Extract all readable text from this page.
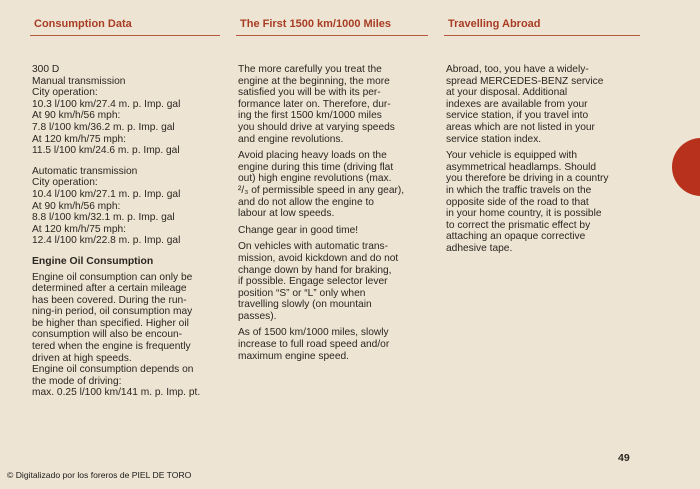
Consumption Data
300 D
Manual transmission
City operation:
10.3 l/100 km/27.4 m. p. Imp. gal
At 90 km/h/56 mph:
7.8 l/100 km/36.2 m. p. Imp. gal
At 120 km/h/75 mph:
11.5 l/100 km/24.6 m. p. Imp. gal
Automatic transmission
City operation:
10.4 l/100 km/27.1 m. p. Imp. gal
At 90 km/h/56 mph:
8.8 l/100 km/32.1 m. p. Imp. gal
At 120 km/h/75 mph:
12.4 l/100 km/22.8 m. p. Imp. gal
Engine Oil Consumption
Engine oil consumption can only be
determined after a certain mileage
has been covered. During the run-
ning-in period, oil consumption may
be higher than specified. Higher oil
consumption will also be encoun-
tered when the engine is frequently
driven at high speeds.
Engine oil consumption depends on
the mode of driving:
max. 0.25 l/100 km/141 m. p. Imp. pt.
The First 1500 km/1000 Miles

The more carefully you treat the
engine at the beginning, the more
satisfied you will be with its per-
formance later on. Therefore, dur-
ing the first 1500 km/1000 miles
you should drive at varying speeds
and engine revolutions.

Avoid placing heavy loads on the
engine during this time (driving flat
out) high engine revolutions (max.
²/₃ of permissible speed in any gear),
and do not allow the engine to
labour at low speeds.

Change gear in good time!

On vehicles with automatic trans-
mission, avoid kickdown and do not
change down by hand for braking,
if possible. Engage selector lever
position “S” or “L” only when
travelling slowly (on mountain
passes).

As of 1500 km/1000 miles, slowly
increase to full road speed and/or
maximum engine speed.

Travelling Abroad

Abroad, too, you have a widely-
spread MERCEDES-BENZ service
at your disposal. Additional
indexes are available from your
service station, if you travel into
areas which are not listed in your
service station index.

Your vehicle is equipped with
asymmetrical headlamps. Should
you therefore be driving in a country
in which the traffic travels on the
opposite side of the road to that
in your home country, it is possible
to correct the prismatic effect by
attaching an opaque corrective
adhesive tape.

49
© Digitalizado por los foreros de PIEL DE TORO
